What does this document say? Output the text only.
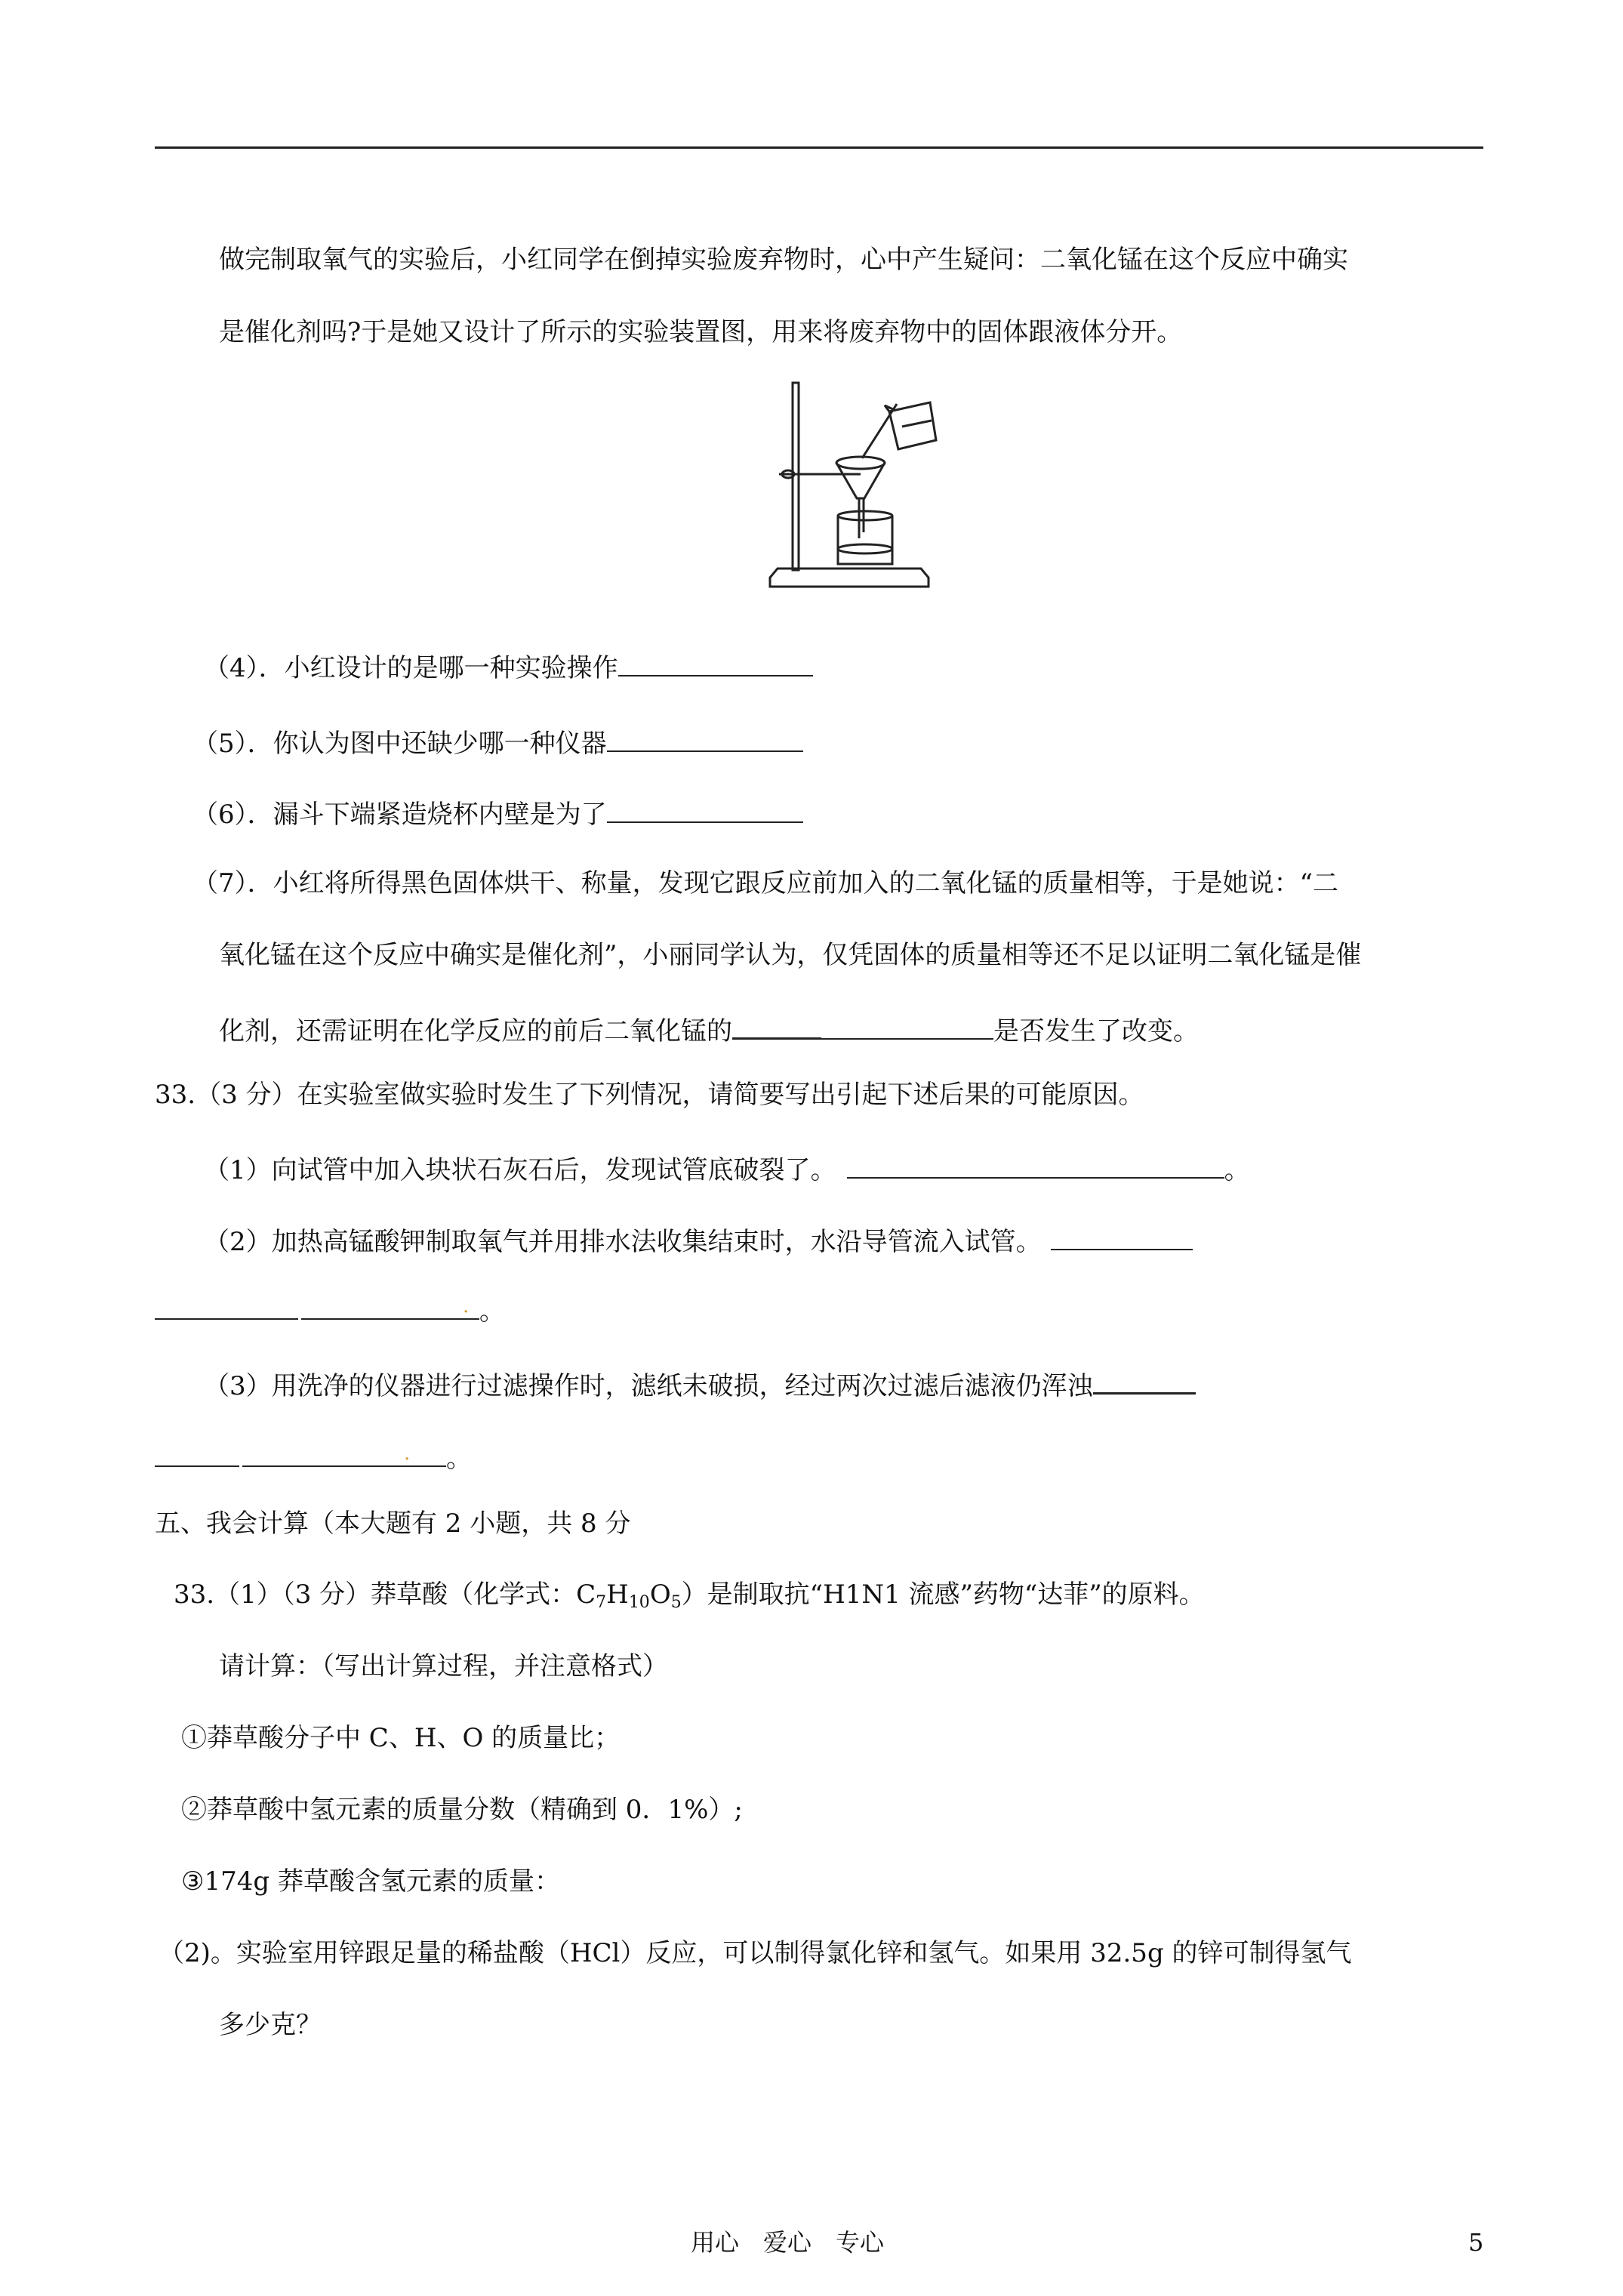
做完制取氧气的实验后，小红同学在倒掉实验废弃物时，心中产生疑问：二氧化锰在这个反应中确实
是催化剂吗?于是她又设计了所示的实验装置图，用来将废弃物中的固体跟液体分开。
（4）．小红设计的是哪一种实验操作
（5）．你认为图中还缺少哪一种仪器
（6）．漏斗下端紧造烧杯内壁是为了
（7）．小红将所得黑色固体烘干、称量，发现它跟反应前加入的二氧化锰的质量相等，于是她说：“二
氧化锰在这个反应中确实是催化剂”，小丽同学认为，仅凭固体的质量相等还不足以证明二氧化锰是催
化剂，还需证明在化学反应的前后二氧化锰的	是否发生了改变。
33.（3 分）在实验室做实验时发生了下列情况，请简要写出引起下述后果的可能原因。
（1）向试管中加入块状石灰石后，发现试管底破裂了。	。
（2）加热高锰酸钾制取氧气并用排水法收集结束时，水沿导管流入试管。
. 。
（3）用洗净的仪器进行过滤操作时，滤纸未破损，经过两次过滤后滤液仍浑浊
. 。
五、我会计算（本大题有 2 小题，共 8 分
33.（1）（3 分）莽草酸（化学式：$C_7H_{10}O_5$）是制取抗“H1N1 流感”药物“达菲”的原料。
请计算：（写出计算过程，并注意格式）
①莽草酸分子中 C、H、O 的质量比；
②莽草酸中氢元素的质量分数（精确到 0．1%）;
③174g 莽草酸含氢元素的质量：
（2)。实验室用锌跟足量的稀盐酸（HCl）反应，可以制得氯化锌和氢气。如果用 32.5g 的锌可制得氢气
多少克？
用心　爱心　专心	5
